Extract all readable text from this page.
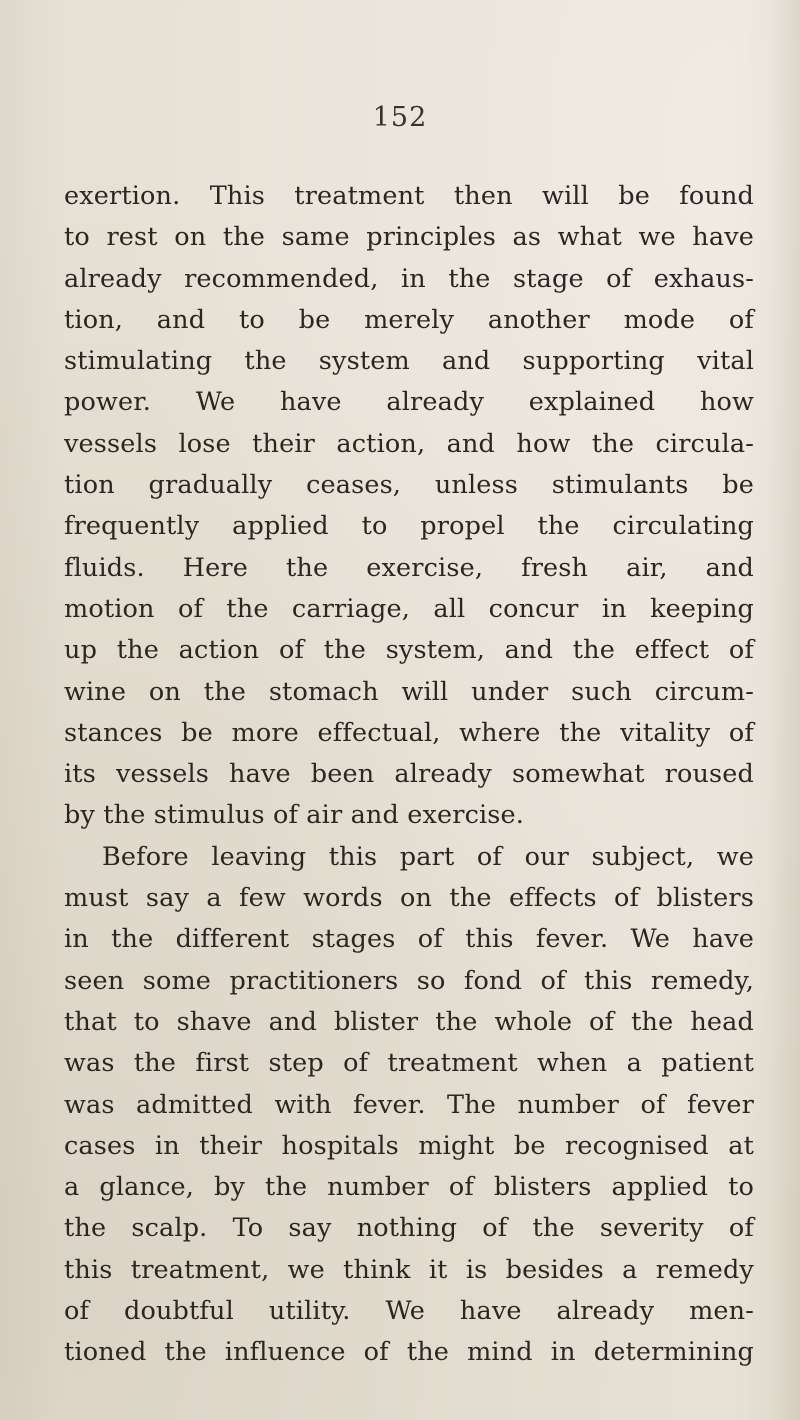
152
exertion. This treatment then will be found
to rest on the same principles as what we have
already recommended, in the stage of exhaus-
tion, and to be merely another mode of
stimulating the system and supporting vital
power. We have already explained how
vessels lose their action, and how the circula-
tion gradually ceases, unless stimulants be
frequently applied to propel the circulating
fluids. Here the exercise, fresh air, and
motion of the carriage, all concur in keeping
up the action of the system, and the effect of
wine on the stomach will under such circum-
stances be more effectual, where the vitality of
its vessels have been already somewhat roused
by the stimulus of air and exercise.
Before leaving this part of our subject, we
must say a few words on the effects of blisters
in the different stages of this fever. We have
seen some practitioners so fond of this remedy,
that to shave and blister the whole of the head
was the first step of treatment when a patient
was admitted with fever. The number of fever
cases in their hospitals might be recognised at
a glance, by the number of blisters applied to
the scalp. To say nothing of the severity of
this treatment, we think it is besides a remedy
of doubtful utility. We have already men-
tioned the influence of the mind in determining
